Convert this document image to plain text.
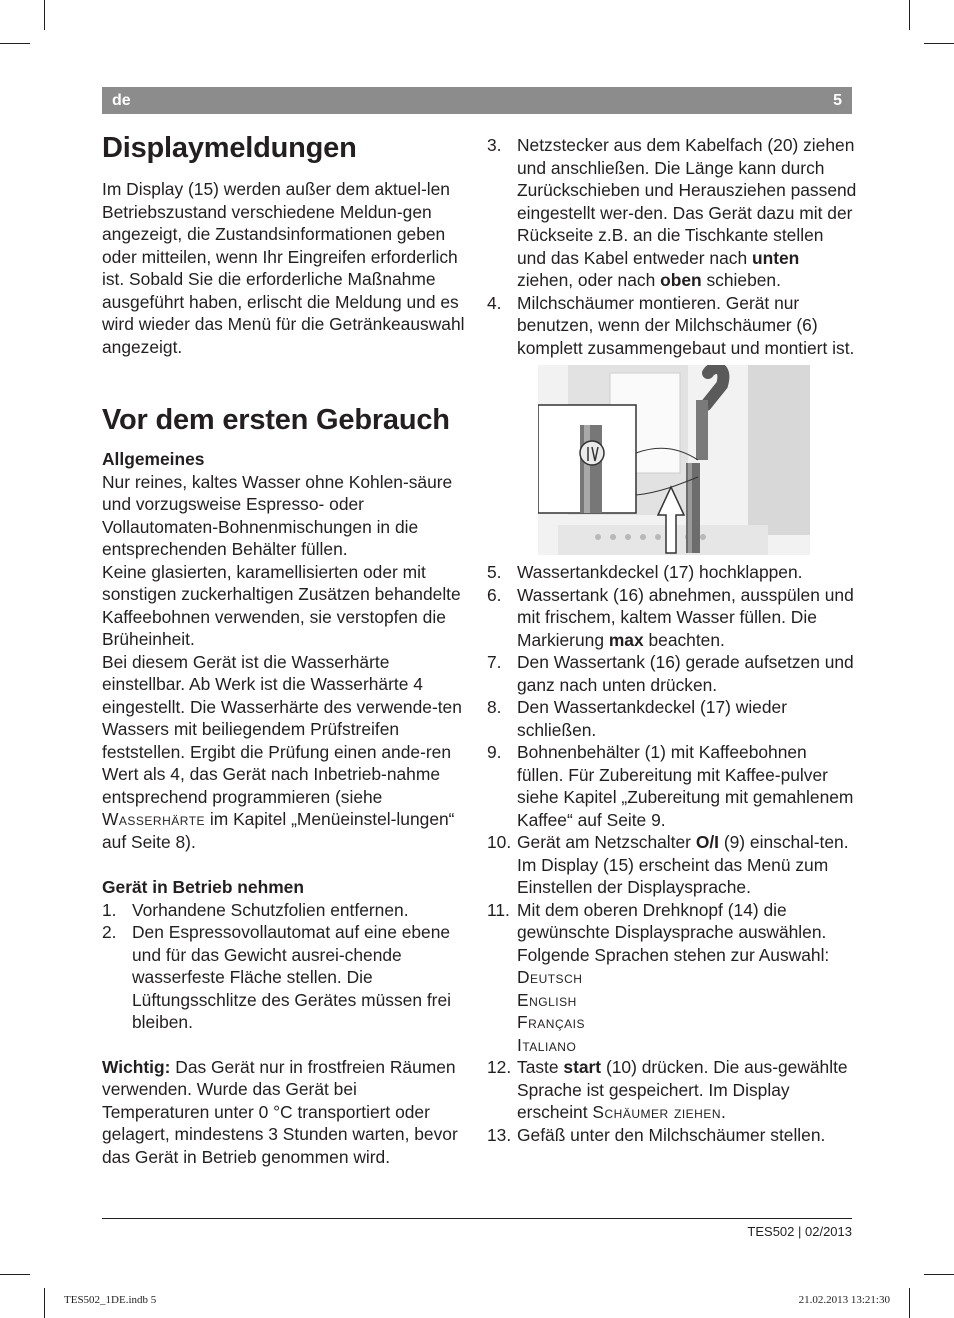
de	5
Displaymeldungen

Im Display (15) werden außer dem aktuel-len Betriebszustand verschiedene Meldun-gen angezeigt, die Zustandsinformationen geben oder mitteilen, wenn Ihr Eingreifen erforderlich ist. Sobald Sie die erforderliche Maßnahme ausgeführt haben, erlischt die Meldung und es wird wieder das Menü für die Getränkeauswahl angezeigt.

Vor dem ersten Gebrauch

Allgemeines

Nur reines, kaltes Wasser ohne Kohlen-säure und vorzugsweise Espresso- oder Vollautomaten-Bohnenmischungen in die entsprechenden Behälter füllen.

Keine glasierten, karamellisierten oder mit sonstigen zuckerhaltigen Zusätzen behandelte Kaffeebohnen verwenden, sie verstopfen die Brüheinheit.

Bei diesem Gerät ist die Wasserhärte einstellbar. Ab Werk ist die Wasserhärte 4 eingestellt. Die Wasserhärte des verwende-ten Wassers mit beiliegendem Prüfstreifen feststellen. Ergibt die Prüfung einen ande-ren Wert als 4, das Gerät nach Inbetrieb-nahme entsprechend programmieren (siehe Wasserhärte im Kapitel „Menüeinstel-lungen“ auf Seite 8).

Gerät in Betrieb nehmen

1. Vorhandene Schutzfolien entfernen.
2. Den Espressovollautomat auf eine ebene und für das Gewicht ausrei-chende wasserfeste Fläche stellen. Die Lüftungsschlitze des Gerätes müssen frei bleiben.

Wichtig: Das Gerät nur in frostfreien Räumen verwenden. Wurde das Gerät bei Temperaturen unter 0 °C transportiert oder gelagert, mindestens 3 Stunden warten, bevor das Gerät in Betrieb genommen wird.

3. Netzstecker aus dem Kabelfach (20) ziehen und anschließen. Die Länge kann durch Zurückschieben und Herausziehen passend eingestellt wer-den. Das Gerät dazu mit der Rückseite z.B. an die Tischkante stellen und das Kabel entweder nach unten ziehen, oder nach oben schieben.
4. Milchschäumer montieren. Gerät nur benutzen, wenn der Milchschäumer (6) komplett zusammengebaut und montiert ist.
5. Wassertankdeckel (17) hochklappen.
6. Wassertank (16) abnehmen, ausspülen und mit frischem, kaltem Wasser füllen. Die Markierung max beachten.
7. Den Wassertank (16) gerade aufsetzen und ganz nach unten drücken.
8. Den Wassertankdeckel (17) wieder schließen.
9. Bohnenbehälter (1) mit Kaffeebohnen füllen. Für Zubereitung mit Kaffee-pulver siehe Kapitel „Zubereitung mit gemahlenem Kaffee“ auf Seite 9.
10. Gerät am Netzschalter O/I (9) einschal-ten. Im Display (15) erscheint das Menü zum Einstellen der Displaysprache.
11. Mit dem oberen Drehknopf (14) die gewünschte Displaysprache auswählen. Folgende Sprachen stehen zur Auswahl:
Deutsch
English
Français
Italiano
12. Taste start (10) drücken. Die aus-gewählte Sprache ist gespeichert. Im Display erscheint Schäumer ziehen.
13. Gefäß unter den Milchschäumer stellen.
TES502 | 02/2013
TES502_1DE.indb 5	21.02.2013 13:21:30
